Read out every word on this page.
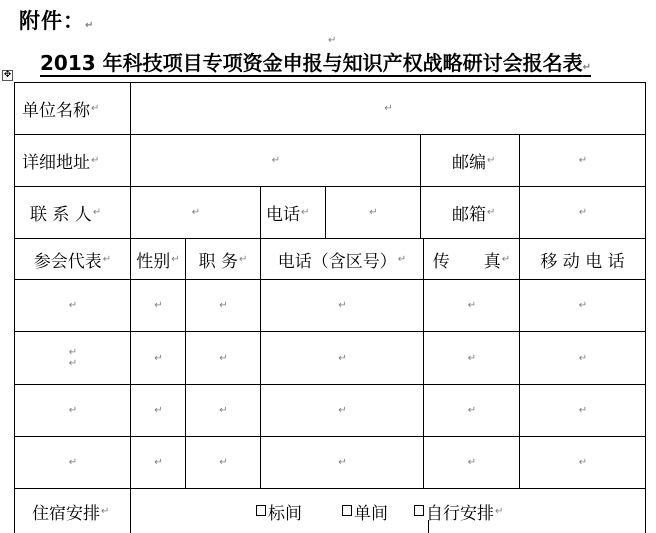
附件：↵
↵
2013 年科技项目专项资金申报与知识产权战略研讨会报名表↵
✥
单位名称 ↵	↵
详细地址 ↵	↵	邮编 ↵	↵
联 系 人 ↵	↵	电话 ↵	↵	邮箱 ↵	↵
参会代表 ↵ 性别 ↵ 职 务 ↵ 电话（含区号） ↵ 传　　真 ↵ 移 动 电 话
↵	↵	↵	↵	↵	↵
↵
↵	↵	↵	↵	↵	↵
↵	↵	↵	↵	↵	↵
↵	↵	↵	↵	↵	↵
住宿安排 ↵	标间	单间 自行安排 ↵
